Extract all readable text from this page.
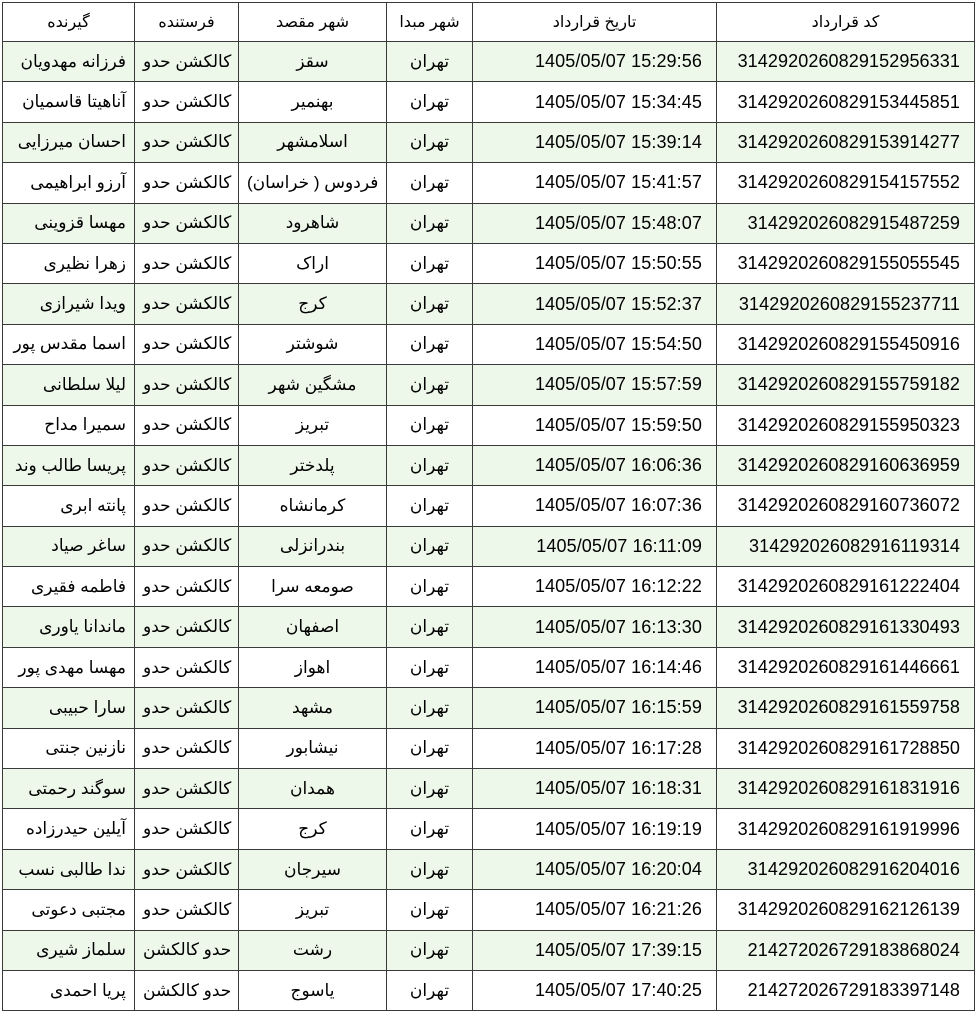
گیرنده	فرستنده	شهر مقصد	شهر مبدا	تاریخ قرارداد	کد قرارداد
فرزانه مهدویان	کالکشن حدو	سقز	تهران	1405/05/07 15:29:56	3142920260829152956331
آناهیتا قاسمیان	کالکشن حدو	بهنمیر	تهران	1405/05/07 15:34:45	3142920260829153445851
احسان میرزایی	کالکشن حدو	اسلامشهر	تهران	1405/05/07 15:39:14	3142920260829153914277
آرزو ابراهیمی	کالکشن حدو	فردوس ( خراسان)	تهران	1405/05/07 15:41:57	3142920260829154157552
مهسا قزوینی	کالکشن حدو	شاهرود	تهران	1405/05/07 15:48:07	314292026082915487259
زهرا نظیری	کالکشن حدو	اراک	تهران	1405/05/07 15:50:55	3142920260829155055545
ویدا شیرازی	کالکشن حدو	کرج	تهران	1405/05/07 15:52:37	3142920260829155237711
اسما مقدس پور	کالکشن حدو	شوشتر	تهران	1405/05/07 15:54:50	3142920260829155450916
لیلا سلطانی	کالکشن حدو	مشگین شهر	تهران	1405/05/07 15:57:59	3142920260829155759182
سمیرا مداح	کالکشن حدو	تبریز	تهران	1405/05/07 15:59:50	3142920260829155950323
پریسا طالب وند	کالکشن حدو	پلدختر	تهران	1405/05/07 16:06:36	3142920260829160636959
پانته ابری	کالکشن حدو	کرمانشاه	تهران	1405/05/07 16:07:36	3142920260829160736072
ساغر صیاد	کالکشن حدو	بندرانزلی	تهران	1405/05/07 16:11:09	314292026082916119314
فاطمه فقیری	کالکشن حدو	صومعه سرا	تهران	1405/05/07 16:12:22	3142920260829161222404
ماندانا یاوری	کالکشن حدو	اصفهان	تهران	1405/05/07 16:13:30	3142920260829161330493
مهسا مهدی پور	کالکشن حدو	اهواز	تهران	1405/05/07 16:14:46	3142920260829161446661
سارا حبیبی	کالکشن حدو	مشهد	تهران	1405/05/07 16:15:59	3142920260829161559758
نازنین جنتی	کالکشن حدو	نیشابور	تهران	1405/05/07 16:17:28	3142920260829161728850
سوگند رحمتی	کالکشن حدو	همدان	تهران	1405/05/07 16:18:31	3142920260829161831916
آیلین حیدرزاده	کالکشن حدو	کرج	تهران	1405/05/07 16:19:19	3142920260829161919996
ندا طالبی نسب	کالکشن حدو	سیرجان	تهران	1405/05/07 16:20:04	314292026082916204016
مجتبی دعوتی	کالکشن حدو	تبریز	تهران	1405/05/07 16:21:26	3142920260829162126139
سلماز شیری	حدو کالکشن	رشت	تهران	1405/05/07 17:39:15	214272026729183868024
پریا احمدی	حدو کالکشن	یاسوج	تهران	1405/05/07 17:40:25	214272026729183397148
